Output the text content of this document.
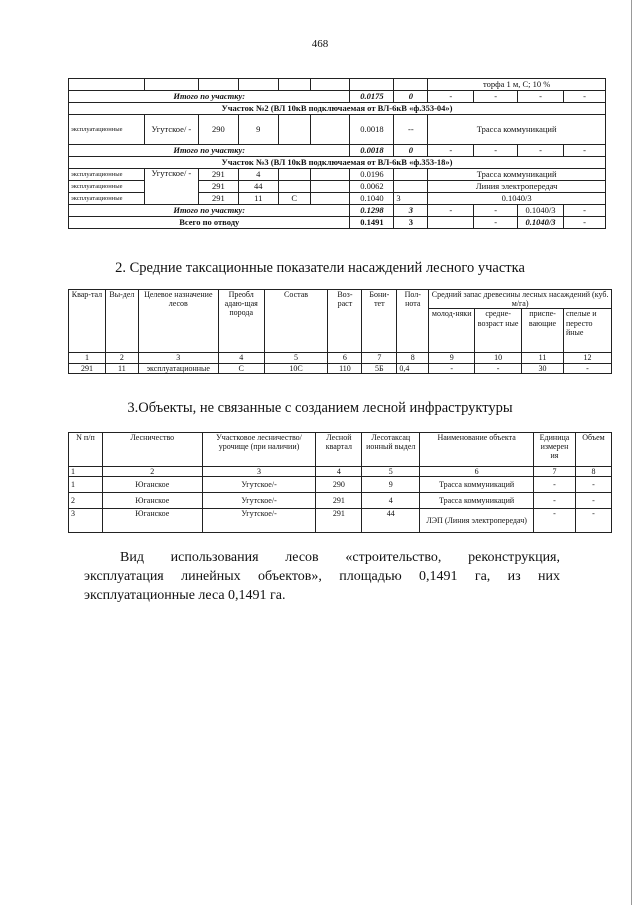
468
								торфа 1 м, С; 10 %			
Итого по участку:						0.0175	0	-	-	-	-
Участок №2 (ВЛ 10кВ подключаемая от ВЛ-6кВ «ф.353-04»)											
эксплуатационные	Угутское/ -	290	9			0.0018	--	Трасса коммуникаций			
Итого по участку:						0.0018	0	-	-	-	-
Участок №3 (ВЛ 10кВ подключаемая от ВЛ-6кВ «ф.353-18»)											
эксплуатационные	Угутское/ -	291	4			0.0196		Трасса коммуникаций			
эксплуатационные		291	44			0.0062		Линия электропередач			
эксплуатационные		291	11	С		0.1040	3	0.1040/3			
Итого по участку:						0.1298	3	-	-	0.1040/3	-
Всего по отводу						0.1491	3		-	0.1040/3	-
2. Средние таксационные показатели насаждений лесного участка
Квар-тал	Вы-дел	Целевое назначение лесов	Преобл адаю-щая порода	Состав	Воз-раст	Бони-тет	Пол-нота	Средний запас древесины лесных насаждений (куб. м/га)			
								молод-няки	средне-возраст ные	приспе-вающие	спелые и пересто йные
1	2	3	4	5	6	7	8	9	10	11	12
291	11	эксплуатационные	С	10С	110	5Б	0,4	-	-	30	-
3.Объекты, не связанные с созданием лесной инфраструктуры
N п/п	Лесничество	Участковое лесничество/урочище (при наличии)	Лесной квартал	Лесотаксац ионный выдел	Наименование объекта	Единица измерен ия	Объем
1	2	3	4	5	6	7	8
1	Юганское	Угутское/-	290	9	Трасса коммуникаций	-	-
2	Юганское	Угутское/-	291	4	Трасса коммуникаций	-	-
3	Юганское	Угутское/-	291	44	ЛЭП (Линия электропередач)	-	-
Вид использования лесов «строительство, реконструкция,
эксплуатация линейных объектов», площадью 0,1491 га, из них
эксплуатационные леса 0,1491 га.
